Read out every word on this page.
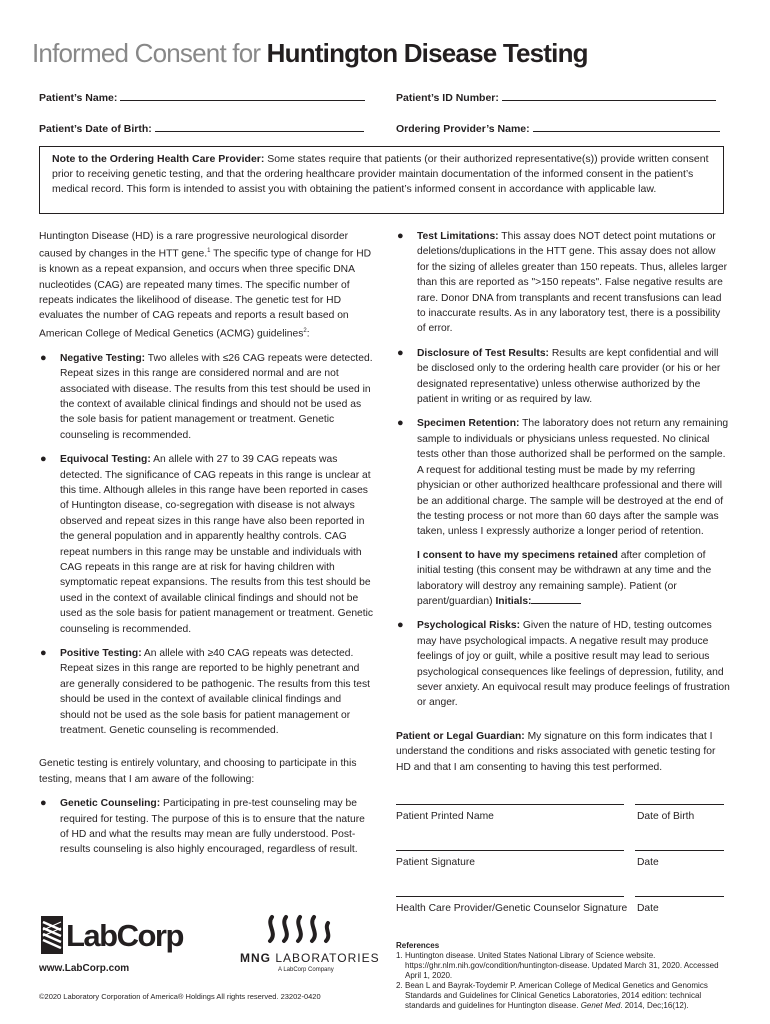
Informed Consent for Huntington Disease Testing
Patient’s Name:	Patient’s ID Number:
Patient’s Date of Birth:	Ordering Provider’s Name:
Note to the Ordering Health Care Provider: Some states require that patients (or their authorized representative(s)) provide written consent prior to receiving genetic testing, and that the ordering healthcare provider maintain documentation of the informed consent in the patient’s medical record. This form is intended to assist you with obtaining the patient’s informed consent in accordance with applicable law.
Huntington Disease (HD) is a rare progressive neurological disorder caused by changes in the HTT gene.$^1$ The specific type of change for HD is known as a repeat expansion, and occurs when three specific DNA nucleotides (CAG) are repeated many times. The specific number of repeats indicates the likelihood of disease. The genetic test for HD evaluates the number of CAG repeats and reports a result based on American College of Medical Genetics (ACMG) guidelines$^2$:
● Negative Testing: Two alleles with ≤26 CAG repeats were detected. Repeat sizes in this range are considered normal and are not associated with disease. The results from this test should be used in the context of available clinical findings and should not be used as the sole basis for patient management or treatment. Genetic counseling is recommended.
● Equivocal Testing: An allele with 27 to 39 CAG repeats was detected. The significance of CAG repeats in this range is unclear at this time. Although alleles in this range have been reported in cases of Huntington disease, co-segregation with disease is not always observed and repeat sizes in this range have also been reported in the general population and in apparently healthy controls. CAG repeat numbers in this range may be unstable and individuals with CAG repeats in this range are at risk for having children with symptomatic repeat expansions. The results from this test should be used in the context of available clinical findings and should not be used as the sole basis for patient management or treatment. Genetic counseling is recommended.
● Positive Testing: An allele with ≥40 CAG repeats was detected. Repeat sizes in this range are reported to be highly penetrant and are generally considered to be pathogenic. The results from this test should be used in the context of available clinical findings and should not be used as the sole basis for patient management or treatment. Genetic counseling is recommended.
Genetic testing is entirely voluntary, and choosing to participate in this testing, means that I am aware of the following:
● Genetic Counseling: Participating in pre-test counseling may be required for testing. The purpose of this is to ensure that the nature of HD and what the results may mean are fully understood. Post-results counseling is also highly encouraged, regardless of result.
● Test Limitations: This assay does NOT detect point mutations or deletions/duplications in the HTT gene. This assay does not allow for the sizing of alleles greater than 150 repeats. Thus, alleles larger than this are reported as ">150 repeats". False negative results are rare. Donor DNA from transplants and recent transfusions can lead to inaccurate results. As in any laboratory test, there is a possibility of error.
● Disclosure of Test Results: Results are kept confidential and will be disclosed only to the ordering health care provider (or his or her designated representative) unless otherwise authorized by the patient in writing or as required by law.
● Specimen Retention: The laboratory does not return any remaining sample to individuals or physicians unless requested. No clinical tests other than those authorized shall be performed on the sample. A request for additional testing must be made by my referring physician or other authorized healthcare professional and there will be an additional charge. The sample will be destroyed at the end of the testing process or not more than 60 days after the sample was taken, unless I expressly authorize a longer period of retention.
I consent to have my specimens retained after completion of initial testing (this consent may be withdrawn at any time and the laboratory will destroy any remaining sample). Patient (or parent/guardian) Initials:
● Psychological Risks: Given the nature of HD, testing outcomes may have psychological impacts. A negative result may produce feelings of joy or guilt, while a positive result may lead to serious psychological consequences like feelings of depression, futility, and sever anxiety. An equivocal result may produce feelings of frustration or anger.
Patient or Legal Guardian: My signature on this form indicates that I understand the conditions and risks associated with genetic testing for HD and that I am consenting to having this test performed.
Patient Printed Name	Date of Birth
Patient Signature	Date
Health Care Provider/Genetic Counselor Signature Date
LabCorp
www.LabCorp.com
MNG LABORATORIES
A LabCorp Company
©2020 Laboratory Corporation of America® Holdings All rights reserved. 23202-0420
References
1. Huntington disease. United States National Library of Science website. https://ghr.nlm.nih.gov/condition/huntington-disease. Updated March 31, 2020. Accessed April 1, 2020.
2. Bean L and Bayrak-Toydemir P. American College of Medical Genetics and Genomics Standards and Guidelines for Clinical Genetics Laboratories, 2014 edition: technical standards and guidelines for Huntington disease. Genet Med. 2014, Dec;16(12).
